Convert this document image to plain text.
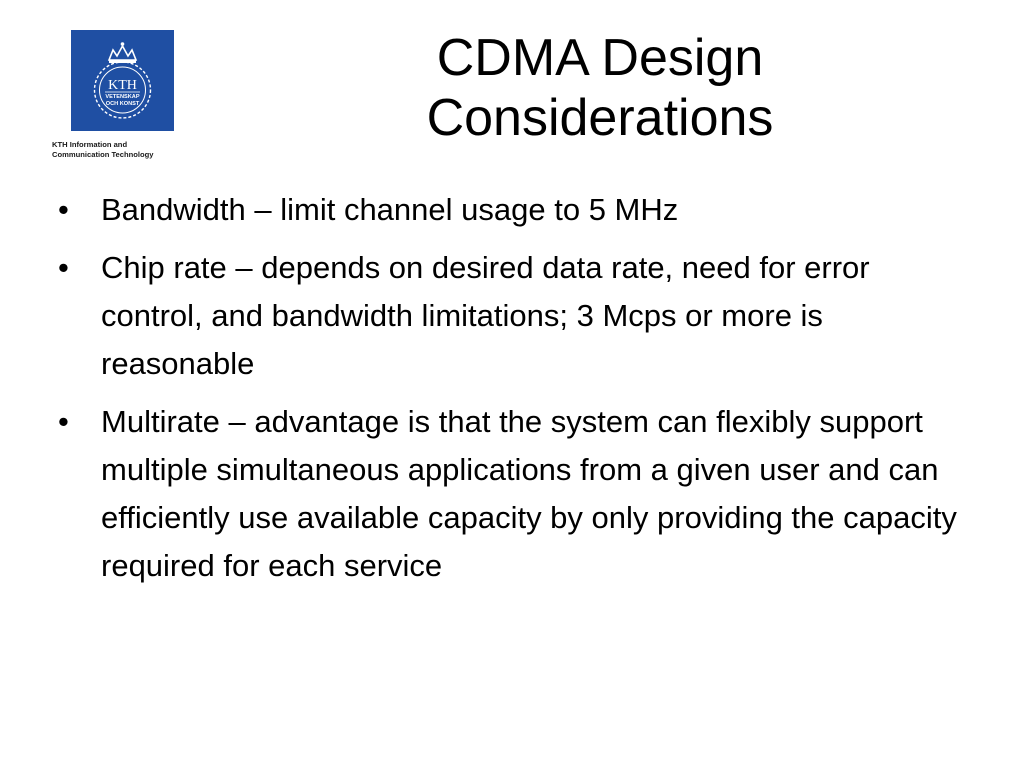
KTH
VETENSKAP
OCH KONST
KTH Information and
Communication Technology
CDMA Design
Considerations
• Bandwidth – limit channel usage to 5 MHz
• Chip rate – depends on desired data rate, need for error control, and bandwidth limitations; 3 Mcps or more is reasonable
• Multirate – advantage is that the system can flexibly support multiple simultaneous applications from a given user and can efficiently use available capacity by only providing the capacity required for each service
